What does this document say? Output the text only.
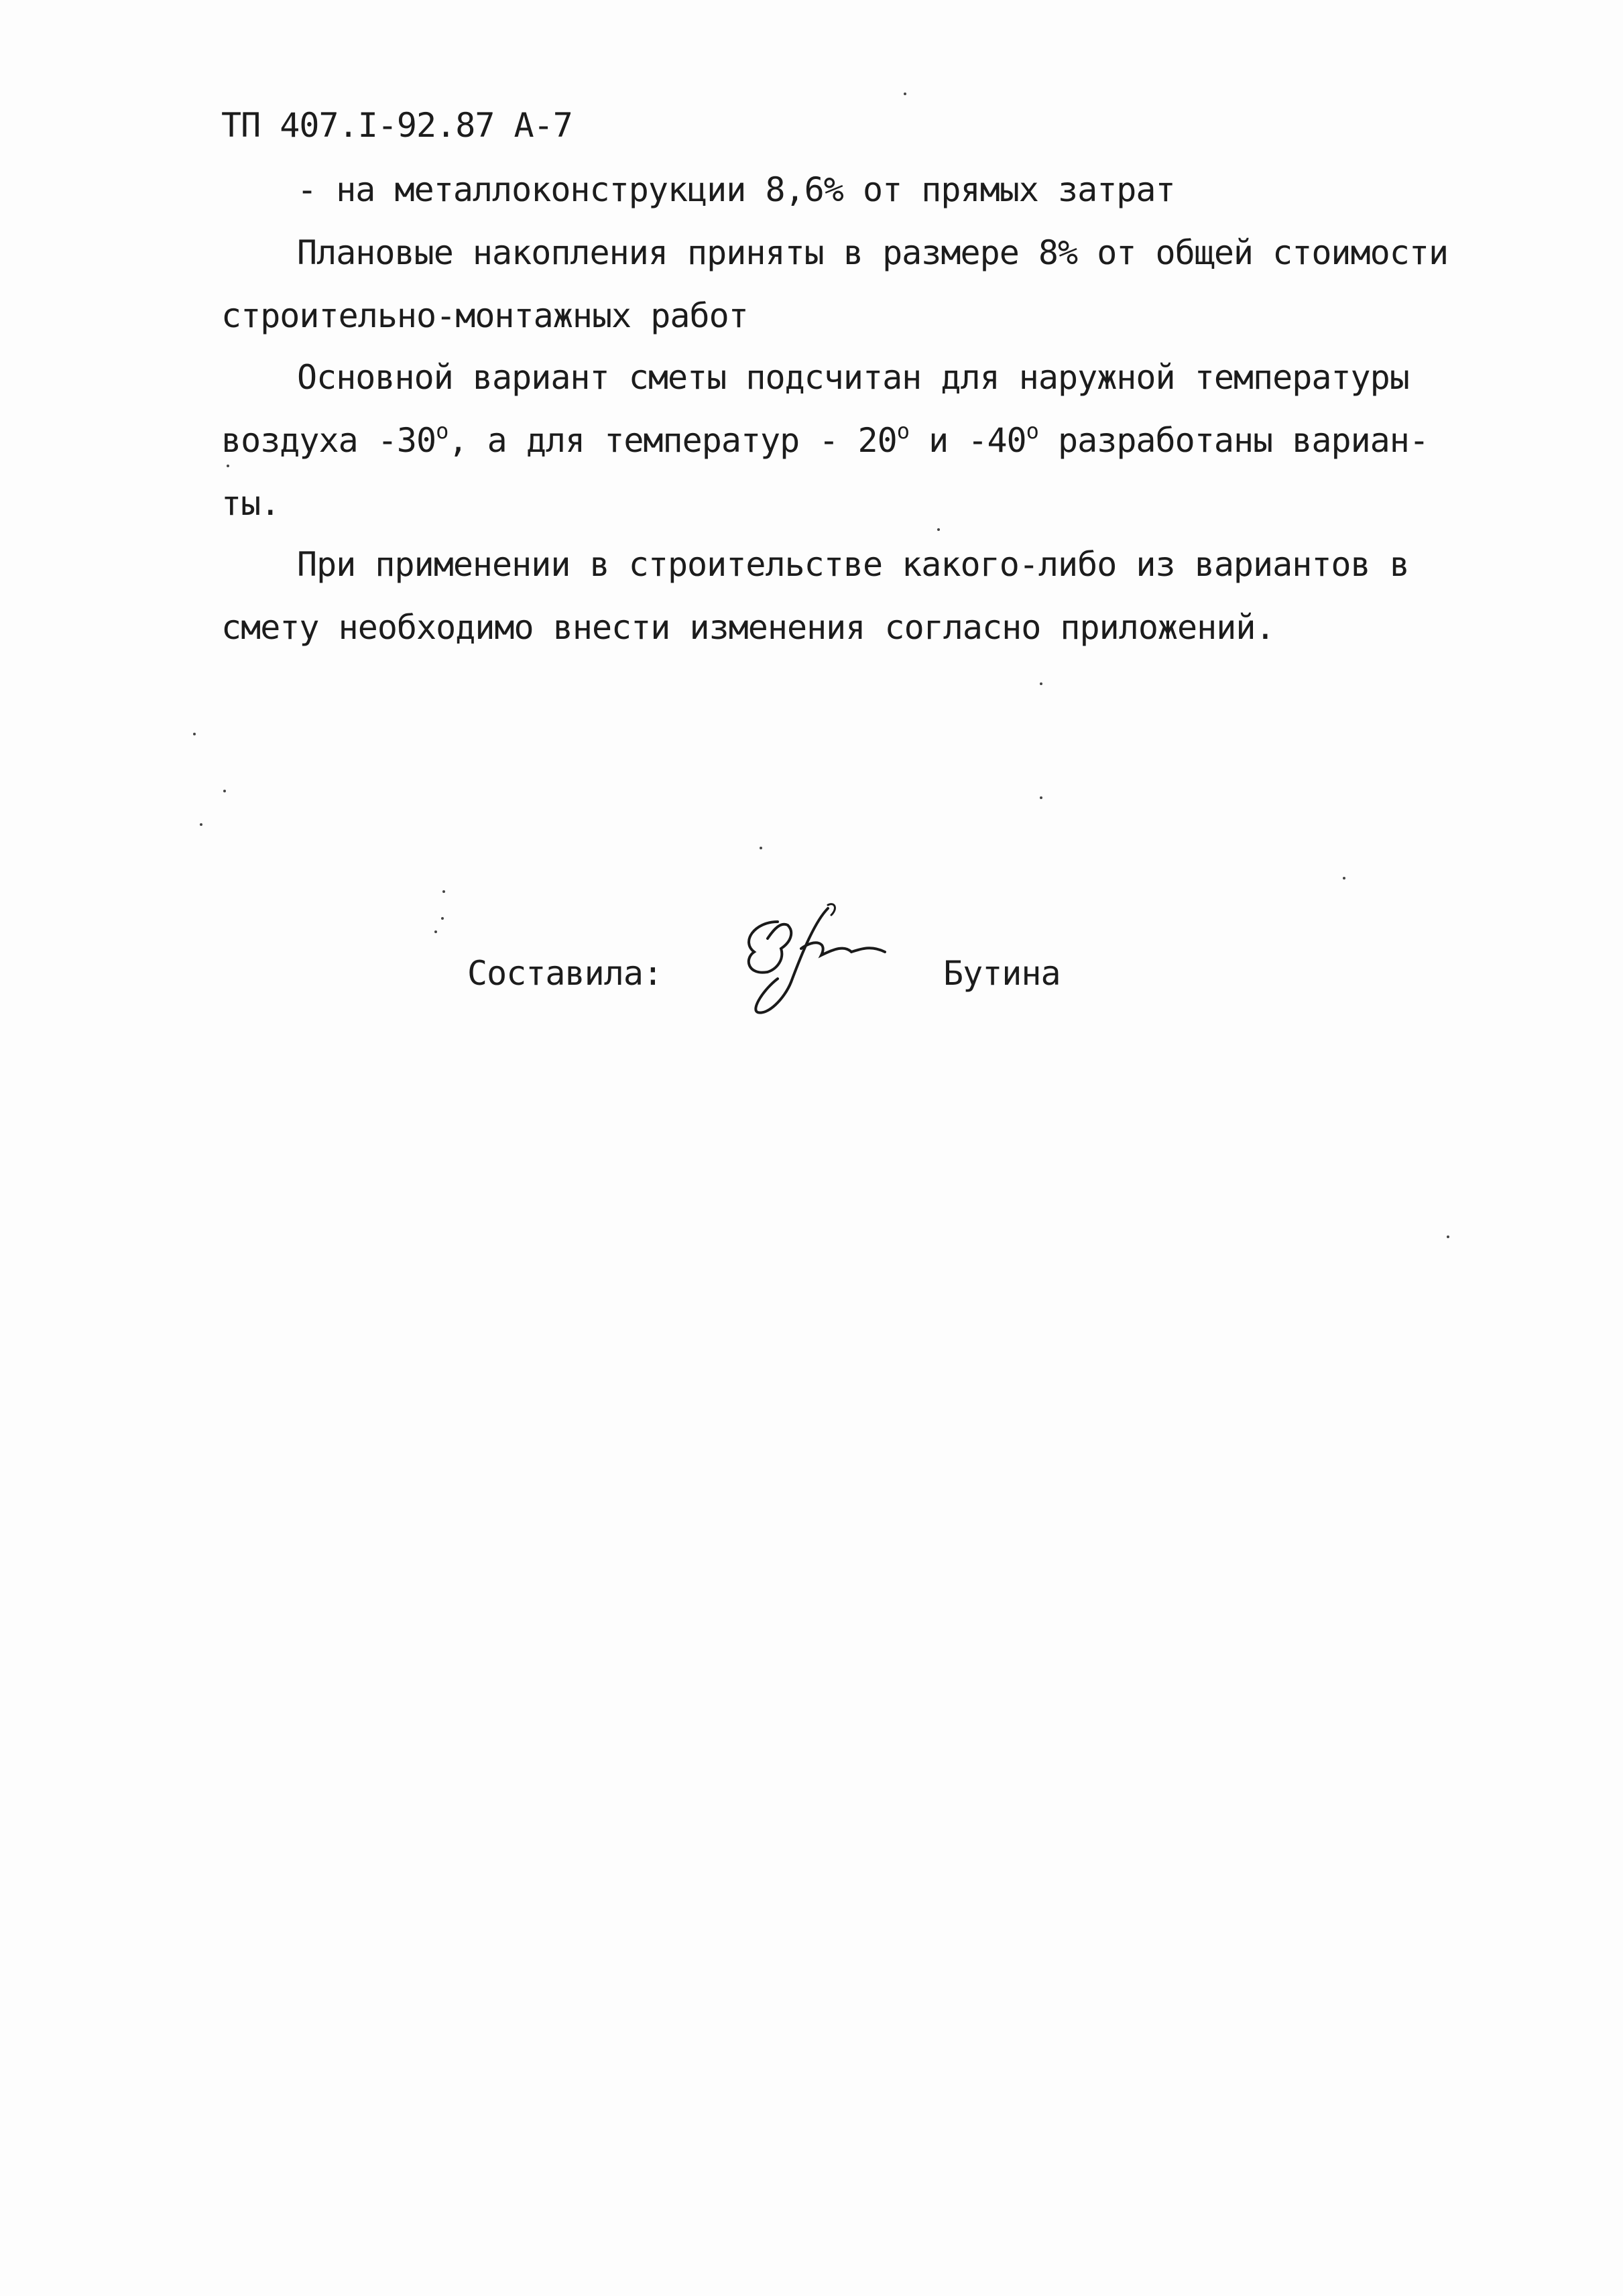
ТП 407.I-92.87 А-7
- на металлоконструкции 8,6% от прямых затрат
Плановые накопления приняты в размере 8% от общей стоимости
строительно-монтажных работ
Основной вариант сметы подсчитан для наружной температуры
воздуха $-30^о$, а для температур - $20^о$ и $-40^о$ разработаны вариан-
ты.
При применении в строительстве какого-либо из вариантов в
смету необходимо внести изменения согласно приложений.
Составила:	Бутина
